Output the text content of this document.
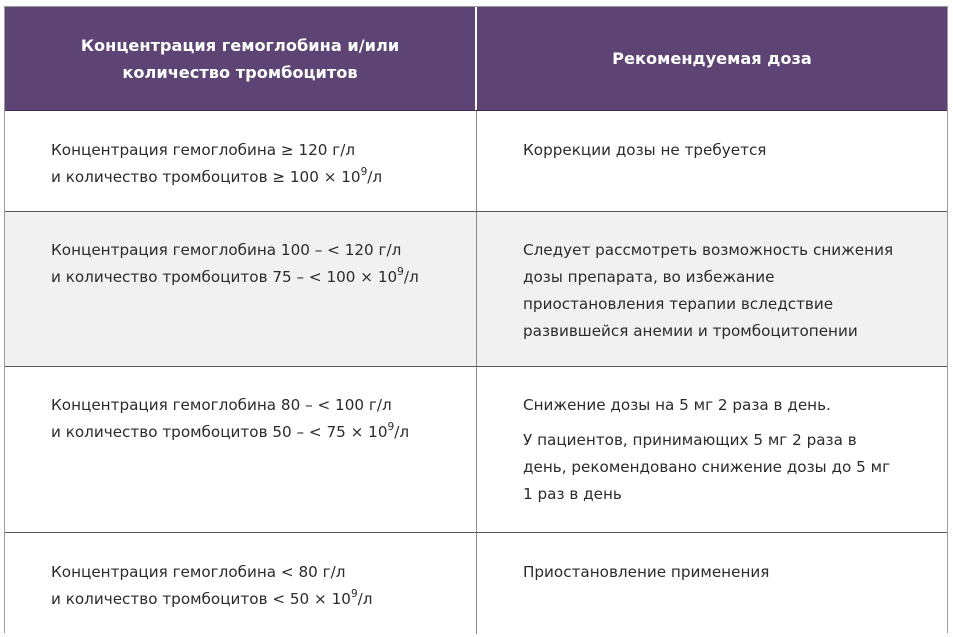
Концентрация гемоглобина и/или
количество тромбоцитов
Рекомендуемая доза
Концентрация гемоглобина ≥ 120 г/л
и количество тромбоцитов ≥ $100 \times 10^9/л$
Коррекции дозы не требуется
Концентрация гемоглобина 100 – < 120 г/л
и количество тромбоцитов 75 – < $100 \times 10^9/л$
Следует рассмотреть возможность снижения
дозы препарата, во избежание
приостановления терапии вследствие
развившейся анемии и тромбоцитопении
Концентрация гемоглобина 80 – < 100 г/л
и количество тромбоцитов 50 – < $75 \times 10^9/л$
Снижение дозы на 5 мг 2 раза в день.
У пациентов, принимающих 5 мг 2 раза в
день, рекомендовано снижение дозы до 5 мг
1 раз в день
Концентрация гемоглобина < 80 г/л
и количество тромбоцитов < $50 \times 10^9/л$
Приостановление применения
